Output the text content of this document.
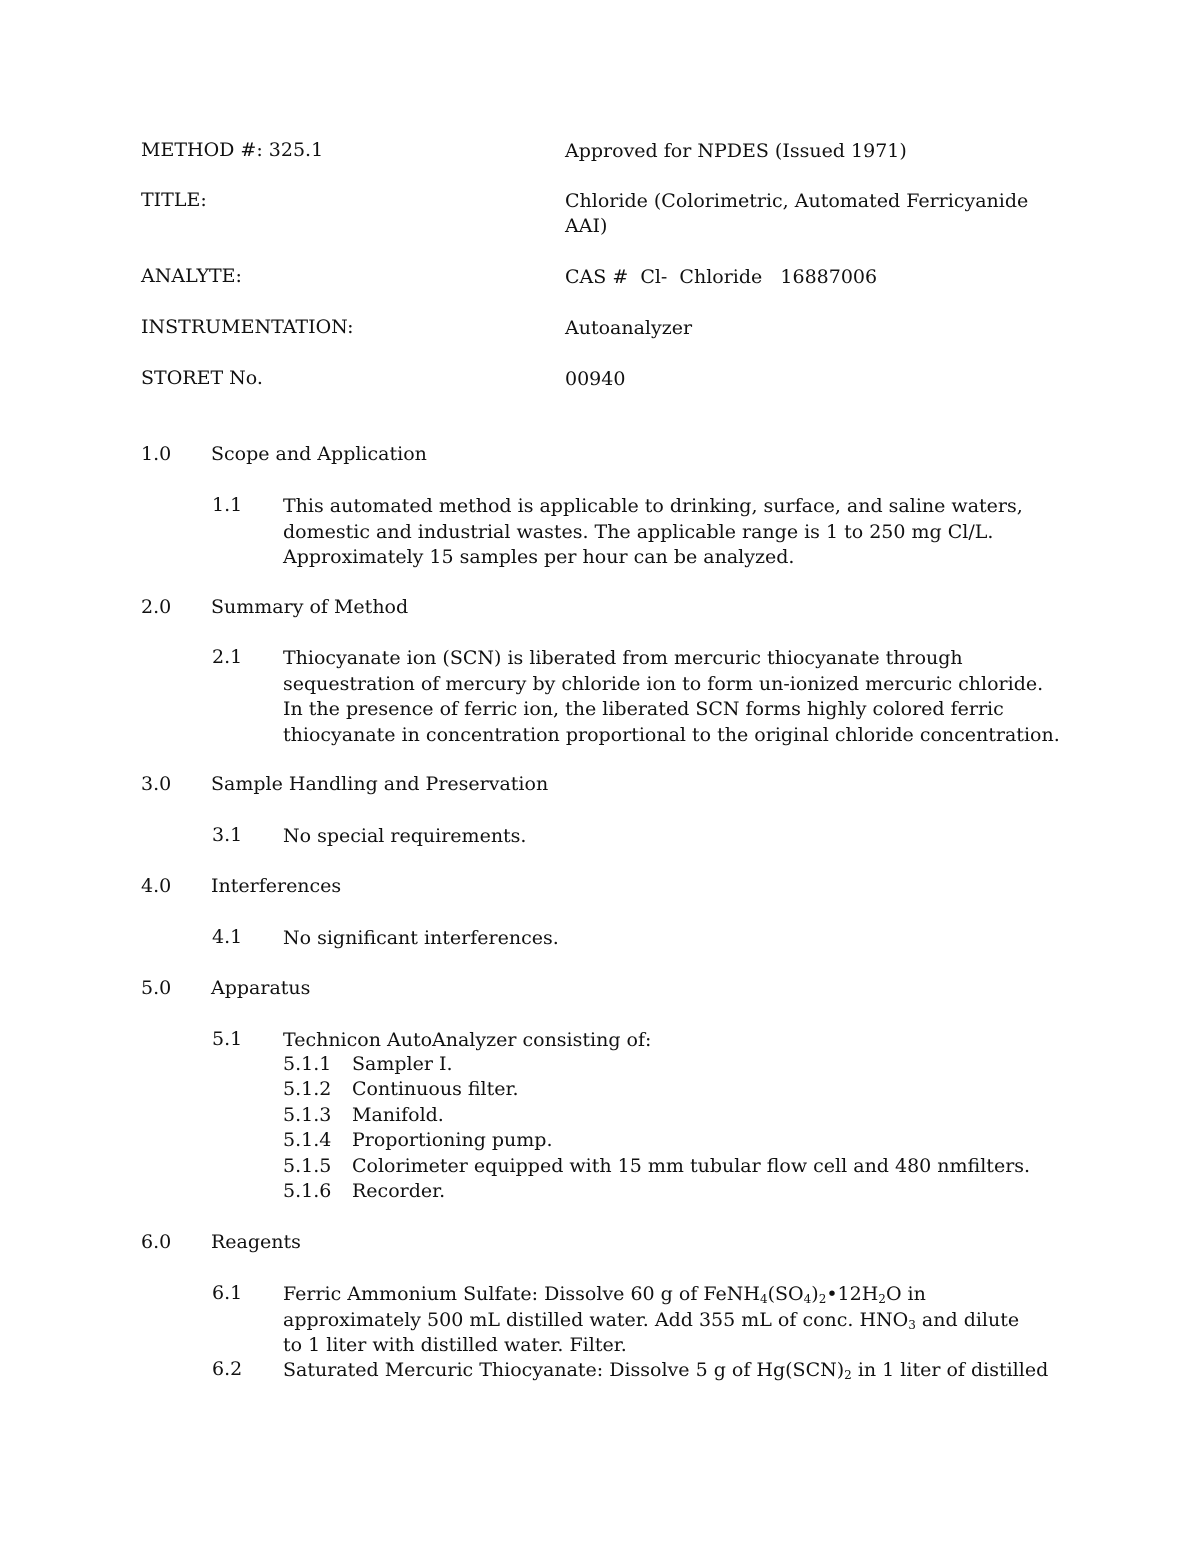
METHOD #: 325.1	Approved for NPDES (Issued 1971)
TITLE:	Chloride (Colorimetric, Automated Ferricyanide AAI)
ANALYTE:	CAS #  Cl-  Chloride   16887006
INSTRUMENTATION:	Autoanalyzer
STORET No.	00940
1.0 Scope and Application
1.1 This automated method is applicable to drinking, surface, and saline waters,
domestic and industrial wastes. The applicable range is 1 to 250 mg Cl/L.
Approximately 15 samples per hour can be analyzed.
2.0 Summary of Method
2.1 Thiocyanate ion (SCN) is liberated from mercuric thiocyanate through
sequestration of mercury by chloride ion to form un-ionized mercuric chloride.
In the presence of ferric ion, the liberated SCN forms highly colored ferric
thiocyanate in concentration proportional to the original chloride concentration.
3.0 Sample Handling and Preservation
3.1 No special requirements.
4.0 Interferences
4.1 No significant interferences.
5.0 Apparatus
5.1 Technicon AutoAnalyzer consisting of:
5.1.1 Sampler I.
5.1.2 Continuous filter.
5.1.3 Manifold.
5.1.4 Proportioning pump.
5.1.5 Colorimeter equipped with 15 mm tubular flow cell and 480 nmfilters.
5.1.6 Recorder.
6.0 Reagents
6.1 Ferric Ammonium Sulfate: Dissolve 60 g of $FeNH_4(SO_4)_2•12H_2O$ in
approximately 500 mL distilled water. Add 355 mL of conc. $HNO_3$ and dilute
to 1 liter with distilled water. Filter.
6.2 Saturated Mercuric Thiocyanate: Dissolve 5 g of $Hg(SCN)_2$ in 1 liter of distilled
